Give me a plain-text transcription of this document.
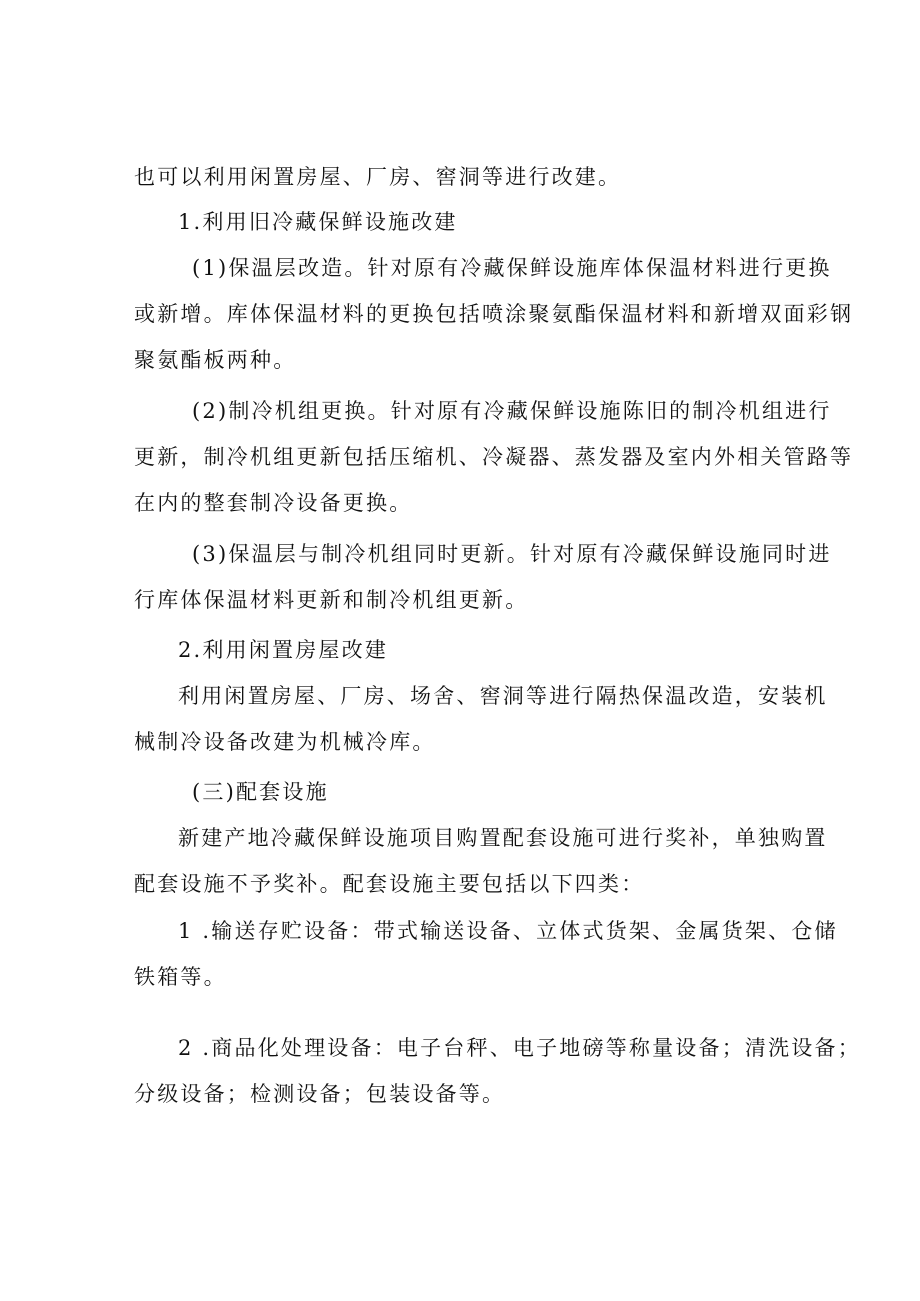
也可以利用闲置房屋、厂房、窖洞等进行改建。
1.利用旧冷藏保鲜设施改建
(1)保温层改造。针对原有冷藏保鲜设施库体保温材料进行更换
或新增。库体保温材料的更换包括喷涂聚氨酯保温材料和新增双面彩钢
聚氨酯板两种。
(2)制冷机组更换。针对原有冷藏保鲜设施陈旧的制冷机组进行
更新，制冷机组更新包括压缩机、冷凝器、蒸发器及室内外相关管路等
在内的整套制冷设备更换。
(3)保温层与制冷机组同时更新。针对原有冷藏保鲜设施同时进
行库体保温材料更新和制冷机组更新。
2.利用闲置房屋改建
利用闲置房屋、厂房、场舍、窖洞等进行隔热保温改造，安装机
械制冷设备改建为机械冷库。
(三)配套设施
新建产地冷藏保鲜设施项目购置配套设施可进行奖补，单独购置
配套设施不予奖补。配套设施主要包括以下四类：
1 .输送存贮设备：带式输送设备、立体式货架、金属货架、仓储
铁箱等。
2 .商品化处理设备：电子台秤、电子地磅等称量设备；清洗设备；
分级设备；检测设备；包装设备等。
